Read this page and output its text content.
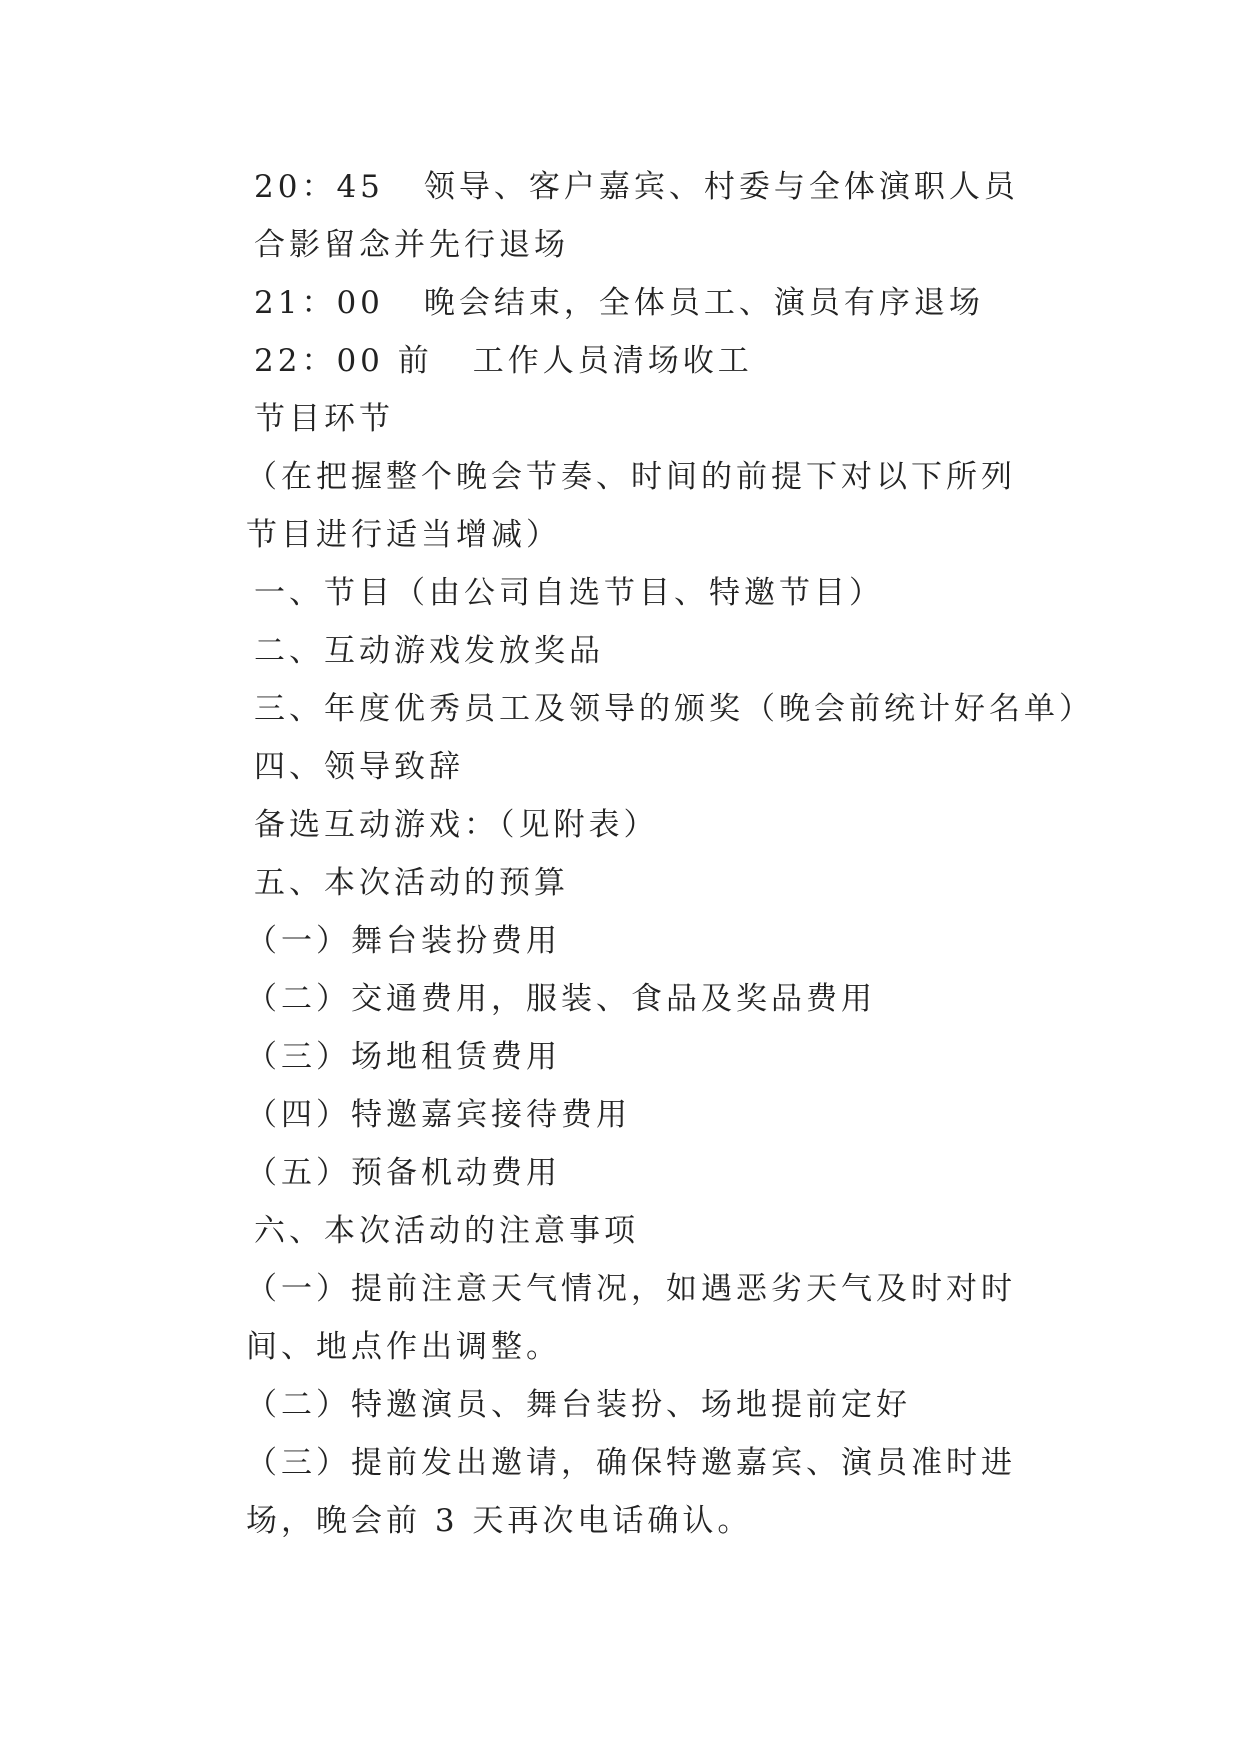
20：45 领导、客户嘉宾、村委与全体演职人员合影留念并先行退场

21：00 晚会结束，全体员工、演员有序退场

22：00 前 工作人员清场收工

节目环节

（在把握整个晚会节奏、时间的前提下对以下所列节目进行适当增减）

一、节目（由公司自选节目、特邀节目）

二、互动游戏发放奖品

三、年度优秀员工及领导的颁奖（晚会前统计好名单）

四、领导致辞

备选互动游戏：（见附表）

五、本次活动的预算

（一）舞台装扮费用

（二）交通费用，服装、食品及奖品费用

（三）场地租赁费用

（四）特邀嘉宾接待费用

（五）预备机动费用

六、本次活动的注意事项

（一）提前注意天气情况，如遇恶劣天气及时对时间、地点作出调整。

（二）特邀演员、舞台装扮、场地提前定好

（三）提前发出邀请，确保特邀嘉宾、演员准时进场，晚会前 3 天再次电话确认。
